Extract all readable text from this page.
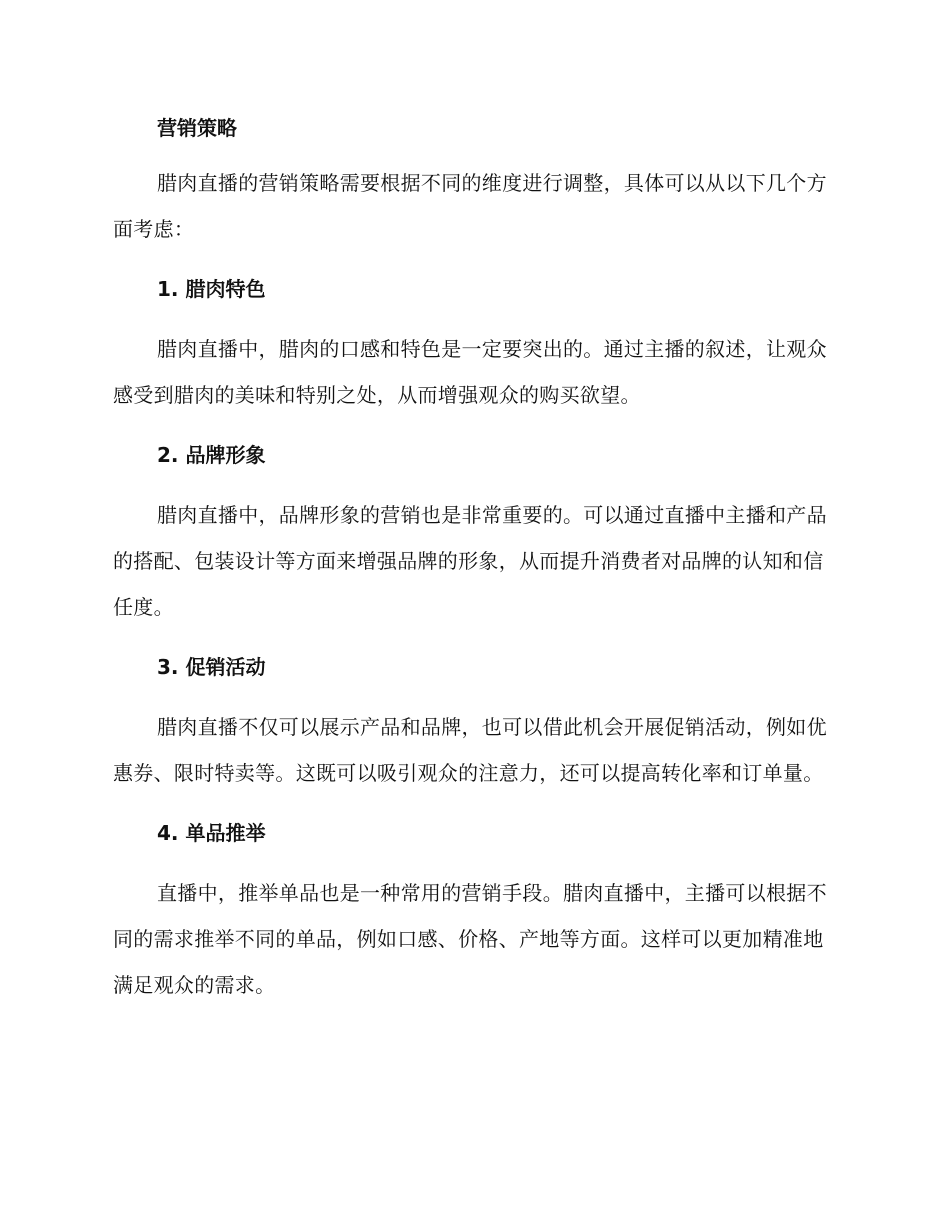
营销策略

腊肉直播的营销策略需要根据不同的维度进行调整，具体可以从以下几个方面考虑：

1. 腊肉特色

腊肉直播中，腊肉的口感和特色是一定要突出的。通过主播的叙述，让观众感受到腊肉的美味和特别之处，从而增强观众的购买欲望。

2. 品牌形象

腊肉直播中，品牌形象的营销也是非常重要的。可以通过直播中主播和产品的搭配、包装设计等方面来增强品牌的形象，从而提升消费者对品牌的认知和信任度。

3. 促销活动

腊肉直播不仅可以展示产品和品牌，也可以借此机会开展促销活动，例如优惠券、限时特卖等。这既可以吸引观众的注意力，还可以提高转化率和订单量。

4. 单品推举

直播中，推举单品也是一种常用的营销手段。腊肉直播中，主播可以根据不同的需求推举不同的单品，例如口感、价格、产地等方面。这样可以更加精准地满足观众的需求。
